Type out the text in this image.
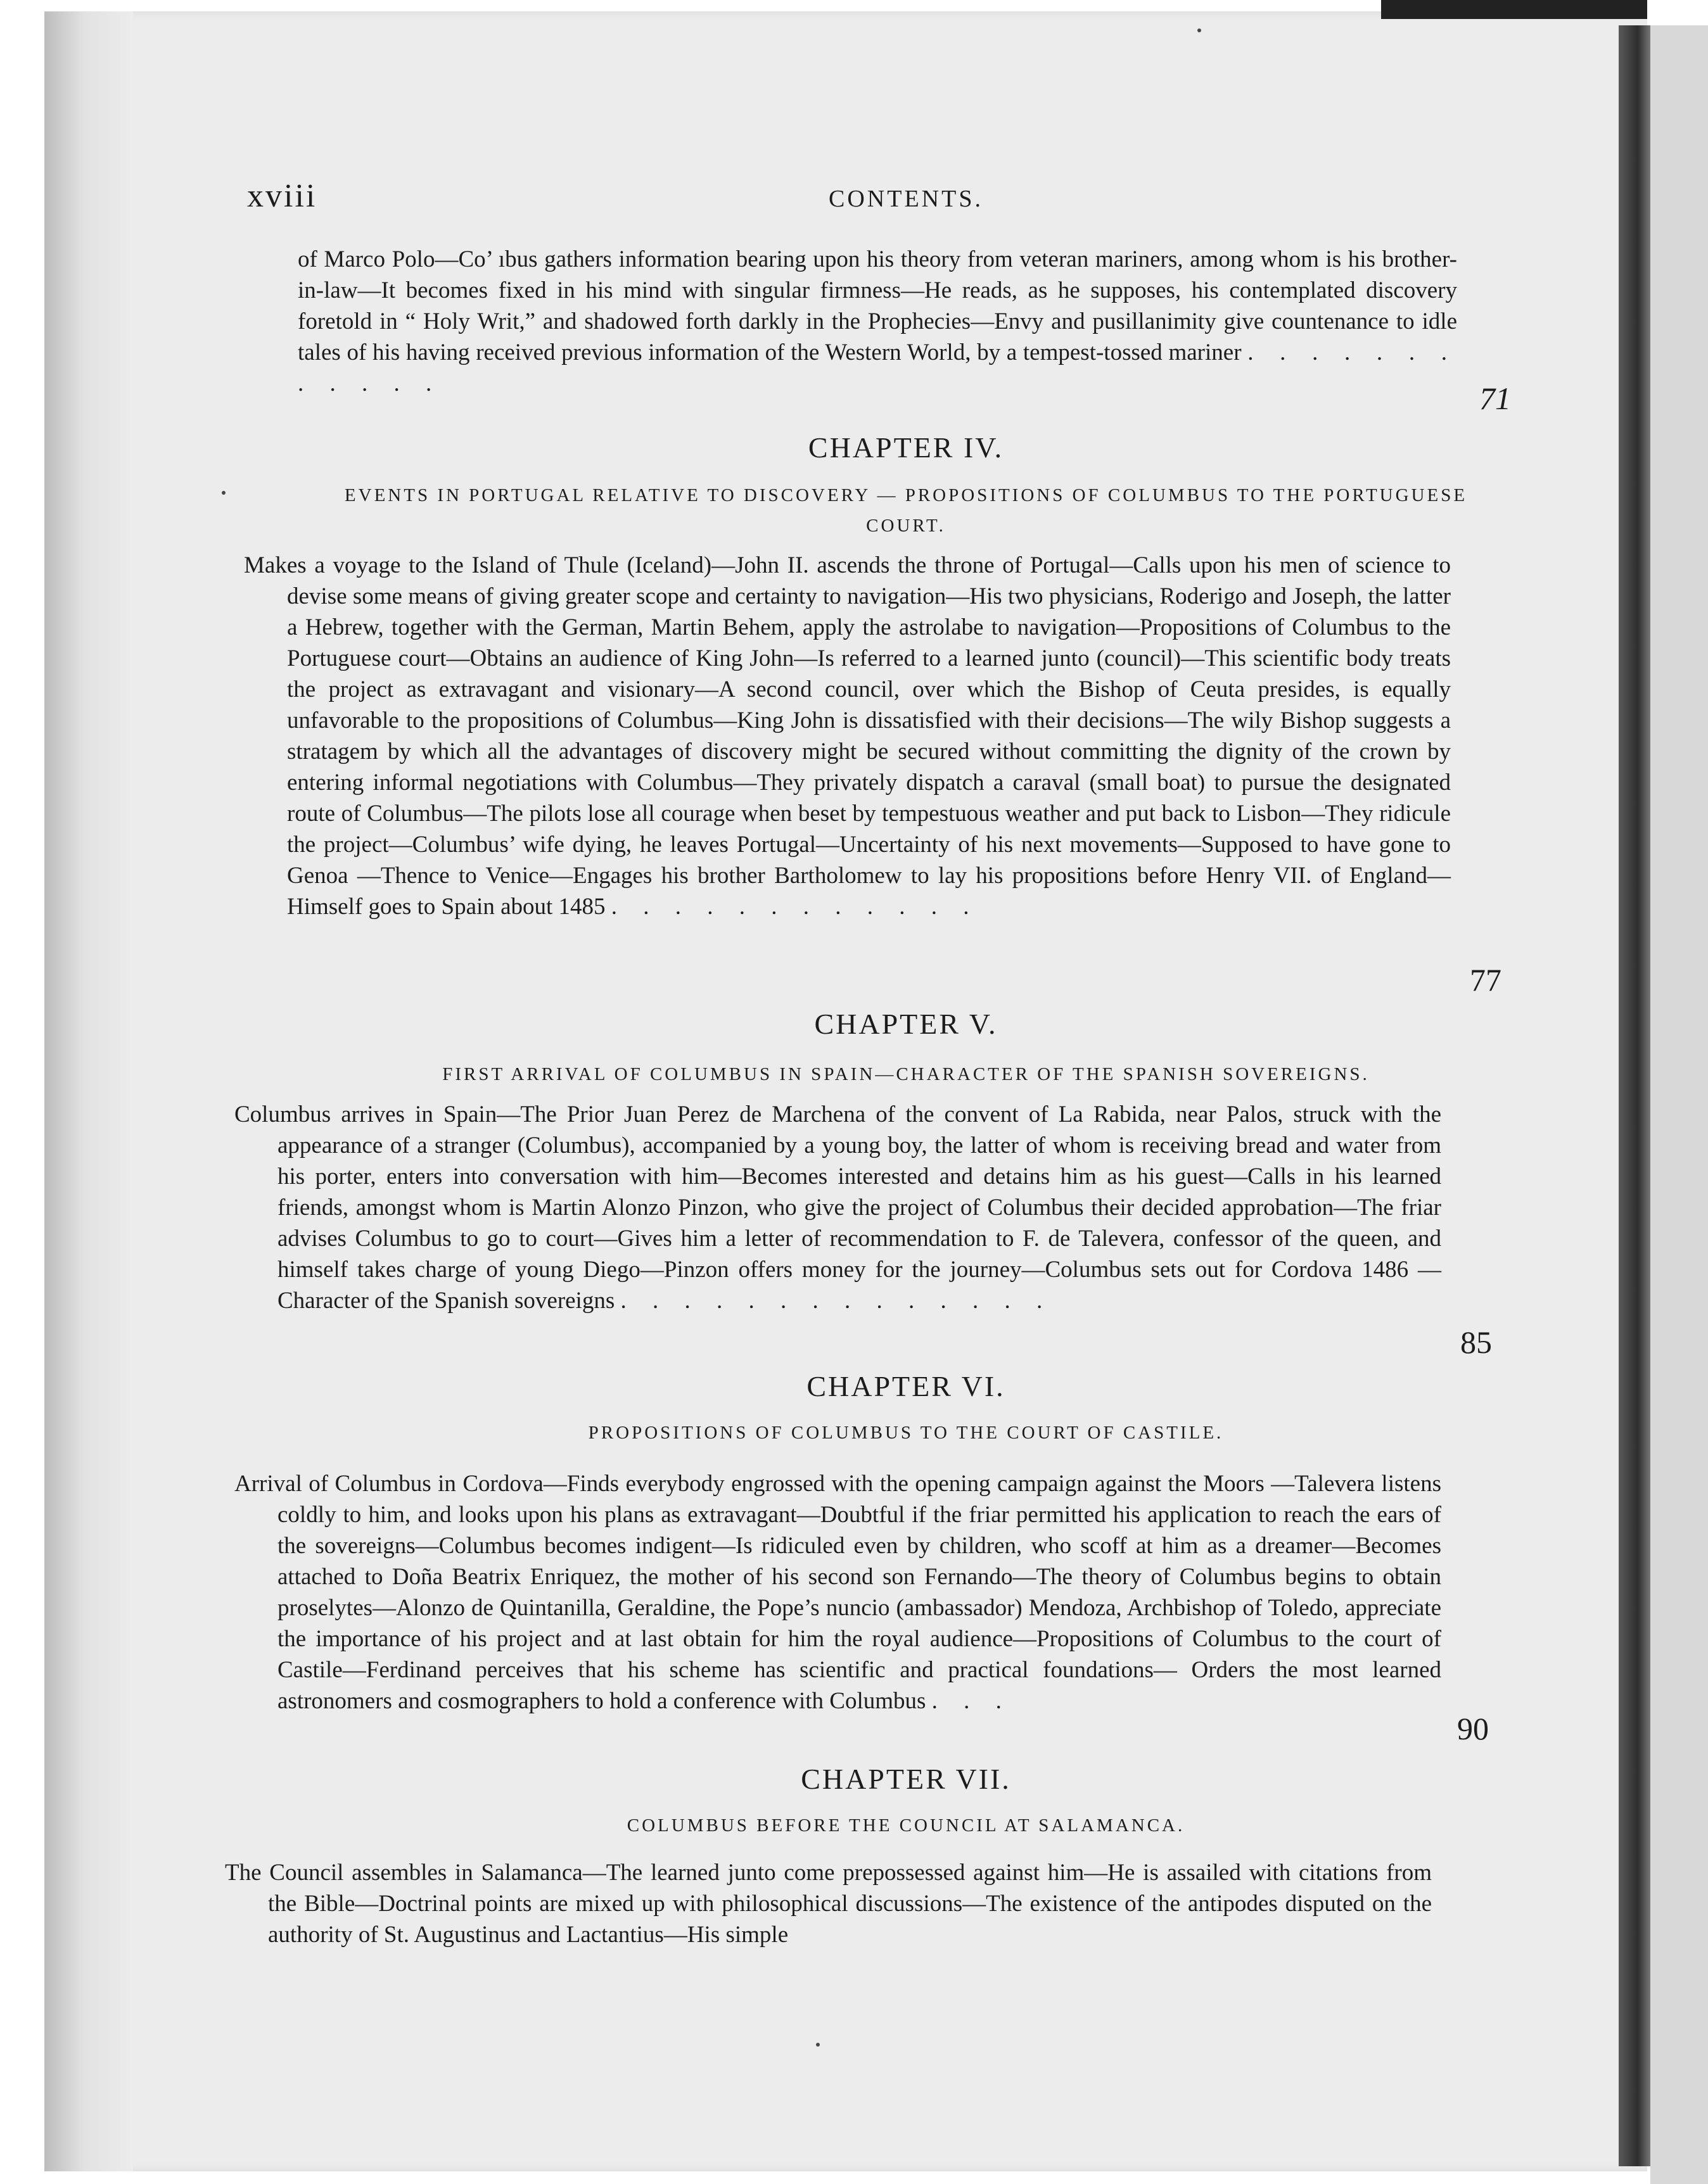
xviii	CONTENTS.

of Marco Polo—Co’ ıbus gathers information bearing upon his theory from veteran mariners, among whom is his brother-in-law—It becomes fixed in his mind with singular firmness—He reads, as he supposes, his contemplated discovery foretold in “ Holy Writ,” and shadowed forth darkly in the Prophecies—Envy and pusillanimity give countenance to idle tales of his having received previous information of the Western World, by a tempest-tossed mariner . . . . . . . . . . . .	71
CHAPTER IV.
EVENTS IN PORTUGAL RELATIVE TO DISCOVERY — PROPOSITIONS OF COLUMBUS TO THE PORTUGUESE COURT.

Makes a voyage to the Island of Thule (Iceland)—John II. ascends the throne of Portugal—Calls upon his men of science to devise some means of giving greater scope and certainty to navigation—His two physicians, Roderigo and Joseph, the latter a Hebrew, together with the German, Martin Behem, apply the astrolabe to navigation—Propositions of Columbus to the Portuguese court—Obtains an audience of King John—Is referred to a learned junto (council)—This scientific body treats the project as extravagant and visionary—A second council, over which the Bishop of Ceuta presides, is equally unfavorable to the propositions of Columbus—King John is dissatisfied with their decisions—The wily Bishop suggests a stratagem by which all the advantages of discovery might be secured without committing the dignity of the crown by entering informal negotiations with Columbus—They privately dispatch a caraval (small boat) to pursue the designated route of Columbus—The pilots lose all courage when beset by tempestuous weather and put back to Lisbon—They ridicule the project—Columbus’ wife dying, he leaves Portugal—Uncertainty of his next movements—Supposed to have gone to Genoa —Thence to Venice—Engages his brother Bartholomew to lay his propositions before Henry VII. of England—Himself goes to Spain about 1485 . . . . . . . . . . . .

77
CHAPTER V.
FIRST ARRIVAL OF COLUMBUS IN SPAIN—CHARACTER OF THE SPANISH SOVEREIGNS.

Columbus arrives in Spain—The Prior Juan Perez de Marchena of the convent of La Rabida, near Palos, struck with the appearance of a stranger (Columbus), accompanied by a young boy, the latter of whom is receiving bread and water from his porter, enters into conversation with him—Becomes interested and detains him as his guest—Calls in his learned friends, amongst whom is Martin Alonzo Pinzon, who give the project of Columbus their decided approbation—The friar advises Columbus to go to court—Gives him a letter of recommendation to F. de Talevera, confessor of the queen, and himself takes charge of young Diego—Pinzon offers money for the journey—Columbus sets out for Cordova 1486 —Character of the Spanish sovereigns . . . . . . . . . . . . . .

85
CHAPTER VI.
PROPOSITIONS OF COLUMBUS TO THE COURT OF CASTILE.

Arrival of Columbus in Cordova—Finds everybody engrossed with the opening campaign against the Moors —Talevera listens coldly to him, and looks upon his plans as extravagant—Doubtful if the friar permitted his application to reach the ears of the sovereigns—Columbus becomes indigent—Is ridiculed even by children, who scoff at him as a dreamer—Becomes attached to Doña Beatrix Enriquez, the mother of his second son Fernando—The theory of Columbus begins to obtain proselytes—Alonzo de Quintanilla, Geraldine, the Pope’s nuncio (ambassador) Mendoza, Archbishop of Toledo, appreciate the importance of his project and at last obtain for him the royal audience—Propositions of Columbus to the court of Castile—Ferdinand perceives that his scheme has scientific and practical foundations— Orders the most learned astronomers and cosmographers to hold a conference with Columbus . . .

90
CHAPTER VII.
COLUMBUS BEFORE THE COUNCIL AT SALAMANCA.

The Council assembles in Salamanca—The learned junto come prepossessed against him—He is assailed with citations from the Bible—Doctrinal points are mixed up with philosophical discussions—The existence of the antipodes disputed on the authority of St. Augustinus and Lactantius—His simple
